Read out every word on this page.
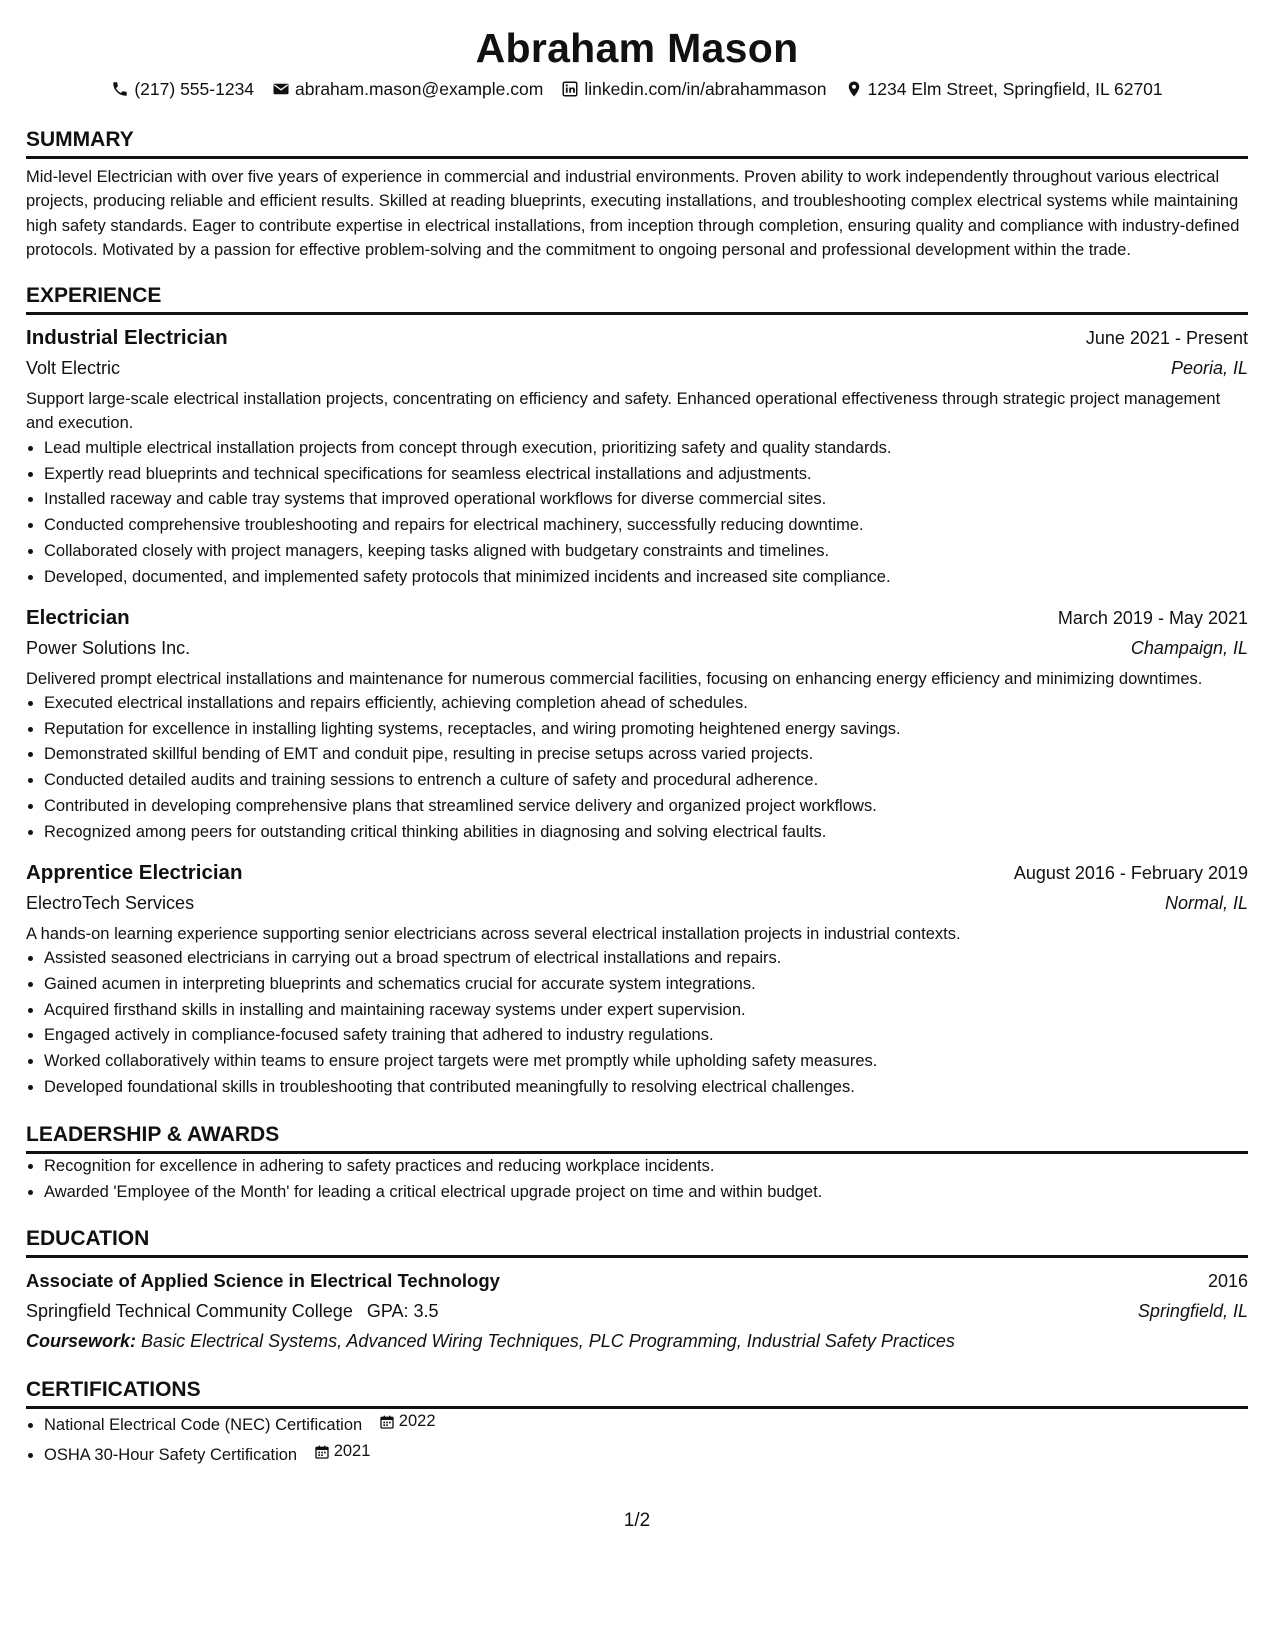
Abraham Mason
(217) 555-1234 abraham.mason@example.com linkedin.com/in/abrahammason 1234 Elm Street, Springfield, IL 62701
SUMMARY

Mid-level Electrician with over five years of experience in commercial and industrial environments. Proven ability to work independently throughout various electrical projects, producing reliable and efficient results. Skilled at reading blueprints, executing installations, and troubleshooting complex electrical systems while maintaining high safety standards. Eager to contribute expertise in electrical installations, from inception through completion, ensuring quality and compliance with industry-defined protocols. Motivated by a passion for effective problem-solving and the commitment to ongoing personal and professional development within the trade.

EXPERIENCE
Industrial Electrician	June 2021 - Present
Volt Electric	Peoria, IL

Support large-scale electrical installation projects, concentrating on efficiency and safety. Enhanced operational effectiveness through strategic project management and execution.

• Lead multiple electrical installation projects from concept through execution, prioritizing safety and quality standards.
• Expertly read blueprints and technical specifications for seamless electrical installations and adjustments.
• Installed raceway and cable tray systems that improved operational workflows for diverse commercial sites.
• Conducted comprehensive troubleshooting and repairs for electrical machinery, successfully reducing downtime.
• Collaborated closely with project managers, keeping tasks aligned with budgetary constraints and timelines.
• Developed, documented, and implemented safety protocols that minimized incidents and increased site compliance.
Electrician	March 2019 - May 2021
Power Solutions Inc.	Champaign, IL

Delivered prompt electrical installations and maintenance for numerous commercial facilities, focusing on enhancing energy efficiency and minimizing downtimes.

• Executed electrical installations and repairs efficiently, achieving completion ahead of schedules.
• Reputation for excellence in installing lighting systems, receptacles, and wiring promoting heightened energy savings.
• Demonstrated skillful bending of EMT and conduit pipe, resulting in precise setups across varied projects.
• Conducted detailed audits and training sessions to entrench a culture of safety and procedural adherence.
• Contributed in developing comprehensive plans that streamlined service delivery and organized project workflows.
• Recognized among peers for outstanding critical thinking abilities in diagnosing and solving electrical faults.
Apprentice Electrician	August 2016 - February 2019
ElectroTech Services	Normal, IL

A hands-on learning experience supporting senior electricians across several electrical installation projects in industrial contexts.

• Assisted seasoned electricians in carrying out a broad spectrum of electrical installations and repairs.
• Gained acumen in interpreting blueprints and schematics crucial for accurate system integrations.
• Acquired firsthand skills in installing and maintaining raceway systems under expert supervision.
• Engaged actively in compliance-focused safety training that adhered to industry regulations.
• Worked collaboratively within teams to ensure project targets were met promptly while upholding safety measures.
• Developed foundational skills in troubleshooting that contributed meaningfully to resolving electrical challenges.
LEADERSHIP & AWARDS
• Recognition for excellence in adhering to safety practices and reducing workplace incidents.
• Awarded 'Employee of the Month' for leading a critical electrical upgrade project on time and within budget.
EDUCATION
Associate of Applied Science in Electrical Technology	2016
Springfield Technical Community College GPA: 3.5	Springfield, IL
Coursework: Basic Electrical Systems, Advanced Wiring Techniques, PLC Programming, Industrial Safety Practices
CERTIFICATIONS
• National Electrical Code (NEC) Certification 2022
• OSHA 30-Hour Safety Certification 2021
1/2
